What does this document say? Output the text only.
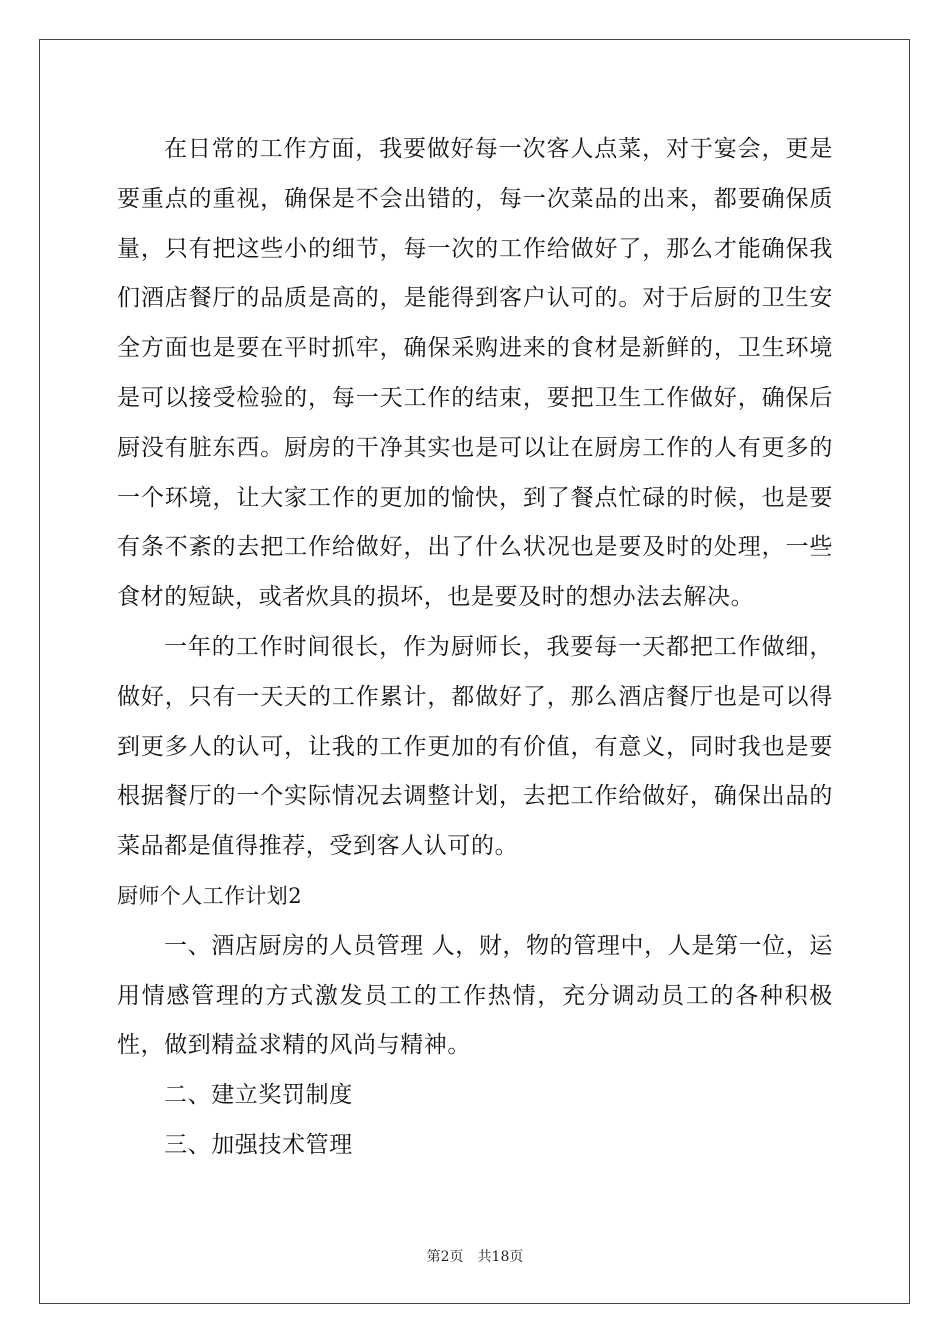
在日常的工作方面，我要做好每一次客人点菜，对于宴会，更是要重点的重视，确保是不会出错的，每一次菜品的出来，都要确保质量，只有把这些小的细节，每一次的工作给做好了，那么才能确保我们酒店餐厅的品质是高的，是能得到客户认可的。对于后厨的卫生安全方面也是要在平时抓牢，确保采购进来的食材是新鲜的，卫生环境是可以接受检验的，每一天工作的结束，要把卫生工作做好，确保后厨没有脏东西。厨房的干净其实也是可以让在厨房工作的人有更多的一个环境，让大家工作的更加的愉快，到了餐点忙碌的时候，也是要有条不紊的去把工作给做好，出了什么状况也是要及时的处理，一些食材的短缺，或者炊具的损坏，也是要及时的想办法去解决。

一年的工作时间很长，作为厨师长，我要每一天都把工作做细，做好，只有一天天的工作累计，都做好了，那么酒店餐厅也是可以得到更多人的认可，让我的工作更加的有价值，有意义，同时我也是要根据餐厅的一个实际情况去调整计划，去把工作给做好，确保出品的菜品都是值得推荐，受到客人认可的。

厨师个人工作计划2

一、酒店厨房的人员管理 人，财，物的管理中，人是第一位，运用情感管理的方式激发员工的工作热情，充分调动员工的各种积极性，做到精益求精的风尚与精神。

二、建立奖罚制度

三、加强技术管理

第2页 共18页
